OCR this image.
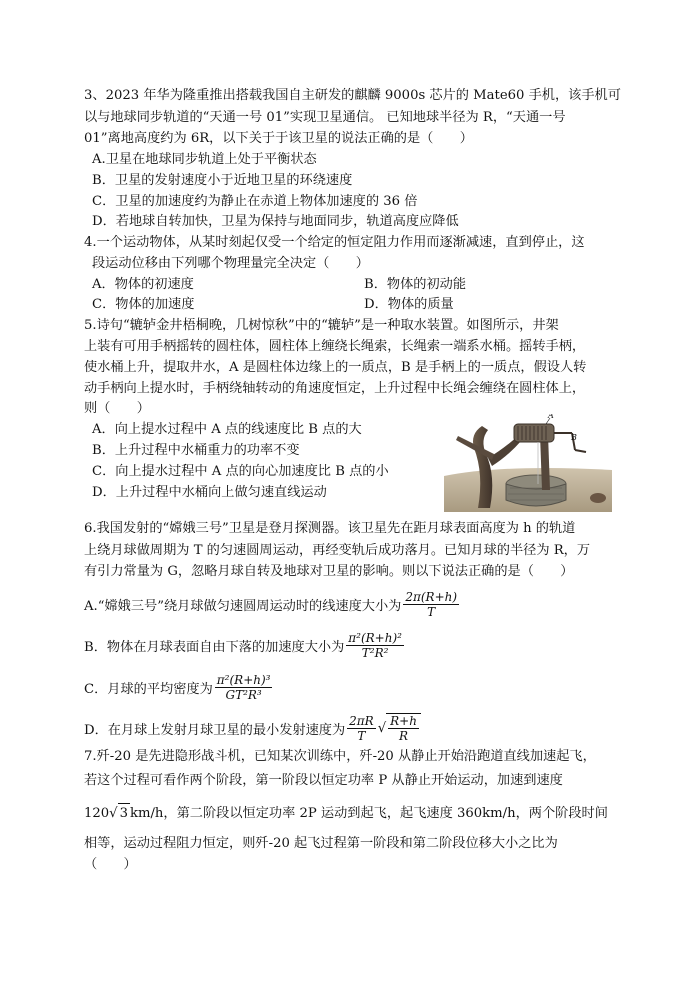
3、2023 年华为隆重推出搭载我国自主研发的麒麟 9000s 芯片的 Mate60 手机，该手机可
以与地球同步轨道的“天通一号 01”实现卫星通信。 已知地球半径为 R，“天通一号
01”离地高度约为 6R，以下关于于该卫星的说法正确的是（　　）
A.卫星在地球同步轨道上处于平衡状态
B．卫星的发射速度小于近地卫星的环绕速度
C．卫星的加速度约为静止在赤道上物体加速度的 36 倍
D．若地球自转加快，卫星为保持与地面同步，轨道高度应降低
4.一个运动物体，从某时刻起仅受一个给定的恒定阻力作用而逐渐减速，直到停止，这
段运动位移由下列哪个物理量完全决定（　　）
A．物体的初速度	B．物体的初动能
C．物体的加速度	D．物体的质量
5.诗句“辘轳金井梧桐晚，几树惊秋”中的“辘轳”是一种取水装置。如图所示，井架
上装有可用手柄摇转的圆柱体，圆柱体上缠绕长绳索，长绳索一端系水桶。摇转手柄，
使水桶上升，提取井水，A 是圆柱体边缘上的一质点，B 是手柄上的一质点，假设人转
动手柄向上提水时，手柄绕轴转动的角速度恒定，上升过程中长绳会缠绕在圆柱体上，
则（　　）
A．向上提水过程中 A 点的线速度比 B 点的大
B．上升过程中水桶重力的功率不变
C．向上提水过程中 A 点的向心加速度比 B 点的小
D．上升过程中水桶向上做匀速直线运动
A
B
6.我国发射的“嫦娥三号”卫星是登月探测器。该卫星先在距月球表面高度为 h 的轨道
上绕月球做周期为 T 的匀速圆周运动，再经变轨后成功落月。已知月球的半径为 R，万
有引力常量为 G，忽略月球自转及地球对卫星的影响。则以下说法正确的是（　　）
A.“嫦娥三号”绕月球做匀速圆周运动时的线速度大小为 $\frac{2\pi(R+h)}{T}$
B．物体在月球表面自由下落的加速度大小为 $\frac{\text{π²(R+h)²}}{\text{T²R²}}$
C．月球的平均密度为 $\frac{\text{π²(R+h)³}}{\text{GT²R³}}$
D．在月球上发射月球卫星的最小发射速度为 $\frac{2\pi R}{T}$ √ $\frac{R+h}{R}$
7.歼-20 是先进隐形战斗机，已知某次训练中，歼-20 从静止开始沿跑道直线加速起飞，
若这个过程可看作两个阶段，第一阶段以恒定功率 P 从静止开始运动，加速到速度
120√ 3 km/h，第二阶段以恒定功率 2P 运动到起飞，起飞速度 360km/h，两个阶段时间
相等，运动过程阻力恒定，则歼-20 起飞过程第一阶段和第二阶段位移大小之比为
（　　）
